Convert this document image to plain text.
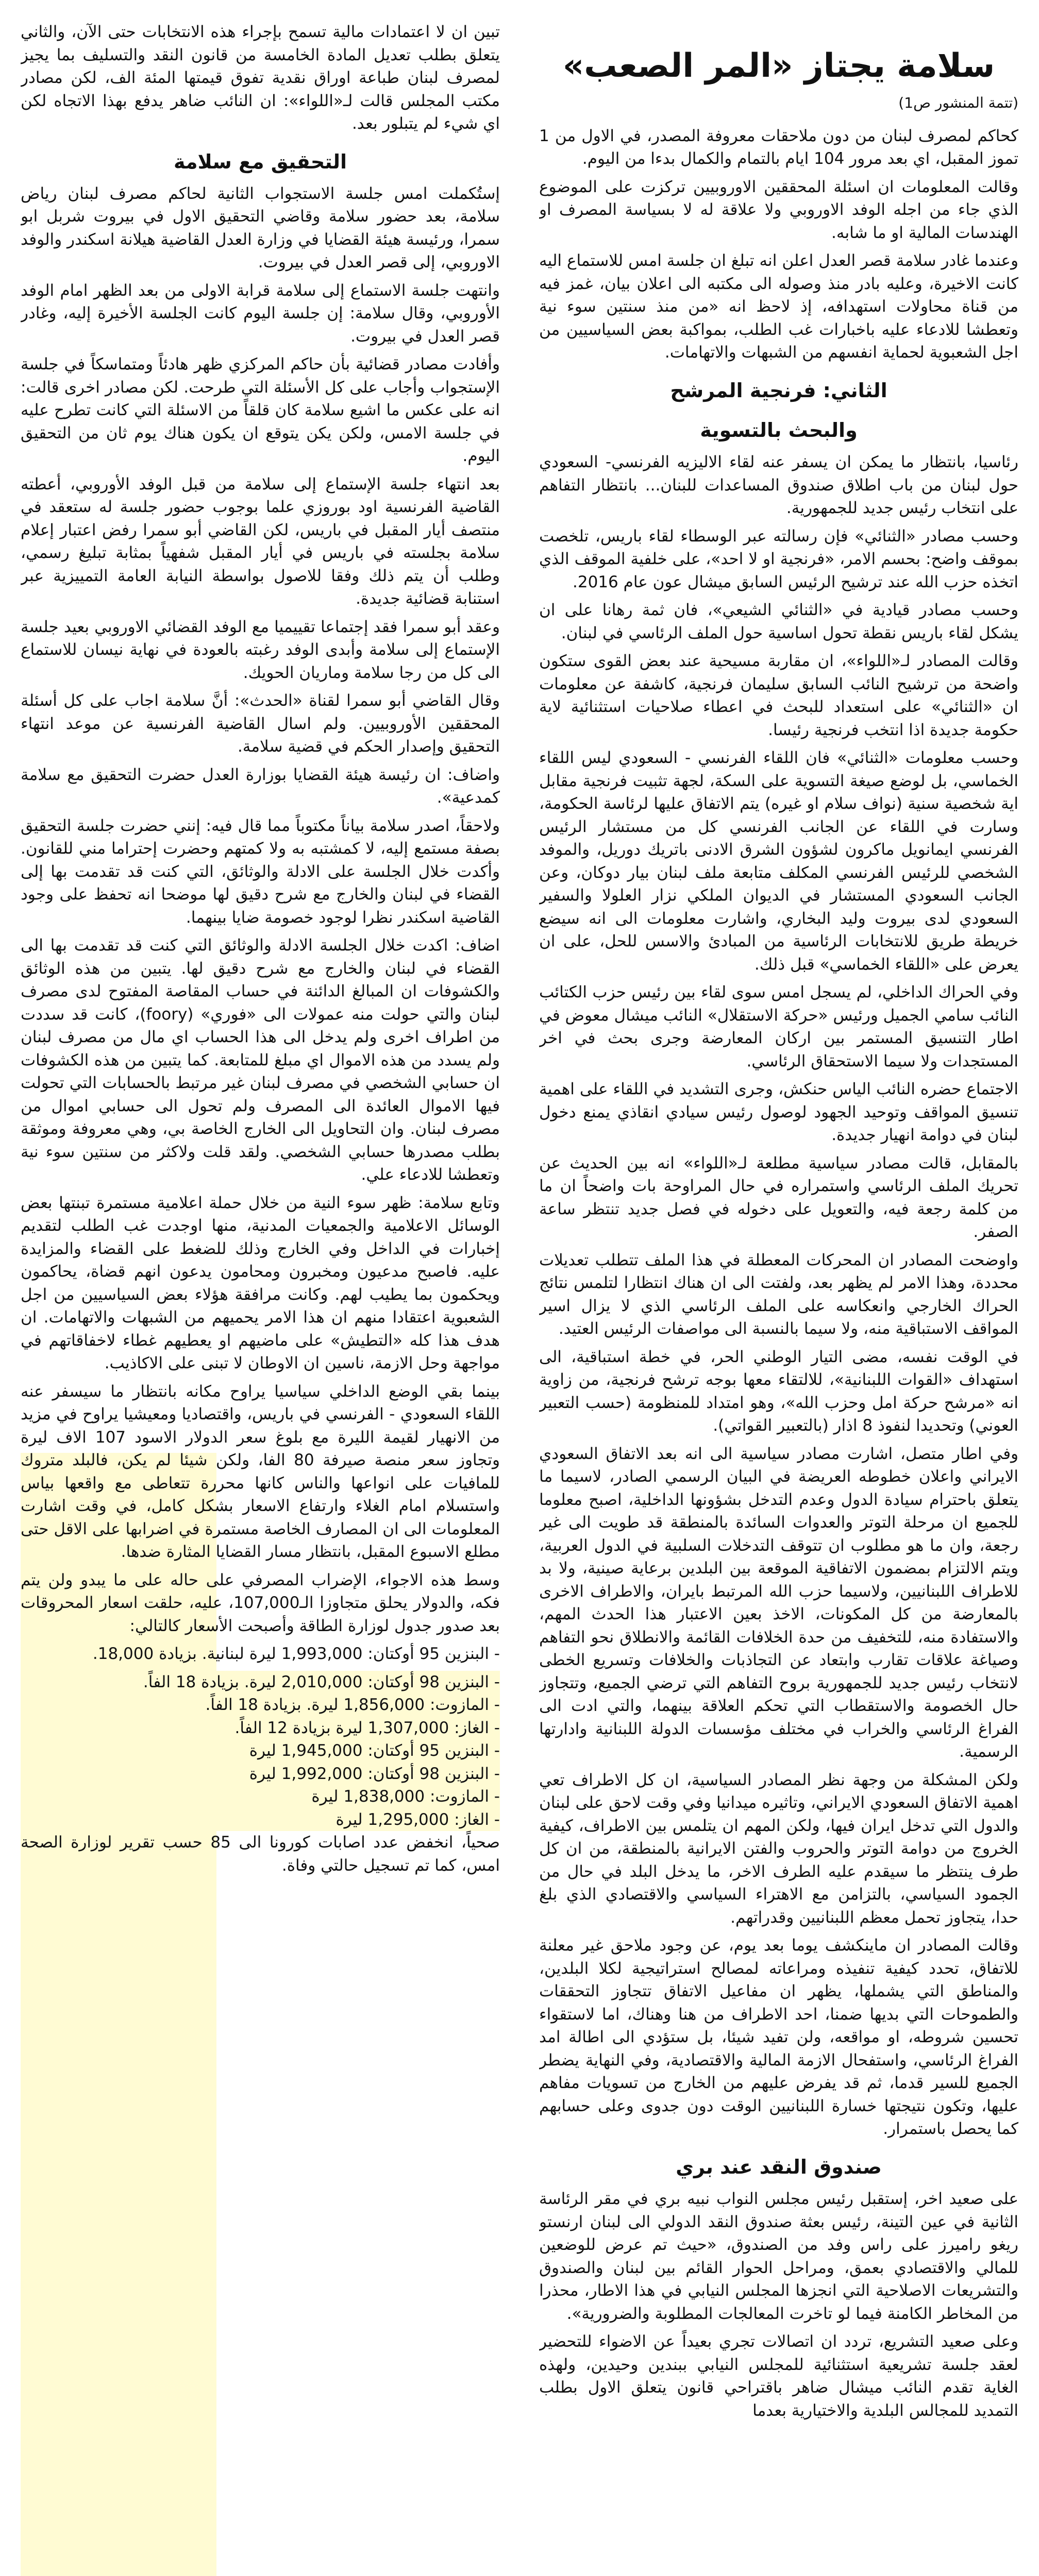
سلامة يجتاز «المر الصعب»
(تتمة المنشور ص1)

كحاكم لمصرف لبنان من دون ملاحقات معروفة المصدر، في الاول من 1 تموز المقبل، اي بعد مرور 104 ايام بالتمام والكمال بدءا من اليوم.

وقالت المعلومات ان اسئلة المحققين الاوروبيين تركزت على الموضوع الذي جاء من اجله الوفد الاوروبي ولا علاقة له لا بسياسة المصرف او الهندسات المالية او ما شابه.

وعندما غادر سلامة قصر العدل اعلن انه تبلغ ان جلسة امس للاستماع اليه كانت الاخيرة، وعليه بادر منذ وصوله الى مكتبه الى اعلان بيان، غمز فيه من قناة محاولات استهدافه، إذ لاحظ انه «من منذ سنتين سوء نية وتعطشا للادعاء عليه باخبارات غب الطلب، بمواكبة بعض السياسيين من اجل الشعبوية لحماية انفسهم من الشبهات والاتهامات.

الثاني: فرنجية المرشح
والبحث بالتسوية

رئاسيا، بانتظار ما يمكن ان يسفر عنه لقاء الاليزيه الفرنسي- السعودي حول لبنان من باب اطلاق صندوق المساعدات للبنان... بانتظار التفاهم على انتخاب رئيس جديد للجمهورية.

وحسب مصادر «الثنائي» فإن رسالته عبر الوسطاء لقاء باريس، تلخصت بموقف واضح: بحسم الامر، «فرنجية او لا احد»، على خلفية الموقف الذي اتخذه حزب الله عند ترشيح الرئيس السابق ميشال عون عام 2016.

وحسب مصادر قيادية في «الثنائي الشيعي»، فان ثمة رهانا على ان يشكل لقاء باريس نقطة تحول اساسية حول الملف الرئاسي في لبنان.

وقالت المصادر لـ«اللواء»، ان مقاربة مسيحية عند بعض القوى ستكون واضحة من ترشيح النائب السابق سليمان فرنجية، كاشفة عن معلومات ان «الثنائي» على استعداد للبحث في اعطاء صلاحيات استثنائية لاية حكومة جديدة اذا انتخب فرنجية رئيسا.

وحسب معلومات «الثنائي» فان اللقاء الفرنسي - السعودي ليس اللقاء الخماسي، بل لوضع صيغة التسوية على السكة، لجهة تثبيت فرنجية مقابل اية شخصية سنية (نواف سلام او غيره) يتم الاتفاق عليها لرئاسة الحكومة، وسارت في اللقاء عن الجانب الفرنسي كل من مستشار الرئيس الفرنسي ايمانويل ماكرون لشؤون الشرق الادنى باتريك دوريل، والموفد الشخصي للرئيس الفرنسي المكلف متابعة ملف لبنان بيار دوكان، وعن الجانب السعودي المستشار في الديوان الملكي نزار العلولا والسفير السعودي لدى بيروت وليد البخاري، واشارت معلومات الى انه سيضع خريطة طريق للانتخابات الرئاسية من المبادئ والاسس للحل، على ان يعرض على «اللقاء الخماسي» قبل ذلك.

وفي الحراك الداخلي، لم يسجل امس سوى لقاء بين رئيس حزب الكتائب النائب سامي الجميل ورئيس «حركة الاستقلال» النائب ميشال معوض في اطار التنسيق المستمر بين اركان المعارضة وجرى بحث في اخر المستجدات ولا سيما الاستحقاق الرئاسي.

الاجتماع حضره النائب الياس حنكش، وجرى التشديد في اللقاء على اهمية تنسيق المواقف وتوحيد الجهود لوصول رئيس سيادي انقاذي يمنع دخول لبنان في دوامة انهيار جديدة.

بالمقابل، قالت مصادر سياسية مطلعة لـ«اللواء» انه بين الحديث عن تحريك الملف الرئاسي واستمراره في حال المراوحة بات واضحاً ان ما من كلمة رجعة فيه، والتعويل على دخوله في فصل جديد تنتظر ساعة الصفر.

واوضحت المصادر ان المحركات المعطلة في هذا الملف تتطلب تعديلات محددة، وهذا الامر لم يظهر بعد، ولفتت الى ان هناك انتظارا لتلمس نتائج الحراك الخارجي وانعكاسه على الملف الرئاسي الذي لا يزال اسير المواقف الاستباقية منه، ولا سيما بالنسبة الى مواصفات الرئيس العتيد.

في الوقت نفسه، مضى التيار الوطني الحر، في خطة استباقية، الى استهداف «القوات اللبنانية»، للالتقاء معها بوجه ترشح فرنجية، من زاوية انه «مرشح حركة امل وحزب الله»، وهو امتداد للمنظومة (حسب التعبير العوني) وتحديدا لنفوذ 8 اذار (بالتعبير القواتي).

وفي اطار متصل، اشارت مصادر سياسية الى انه بعد الاتفاق السعودي الايراني واعلان خطوطه العريضة في البيان الرسمي الصادر، لاسيما ما يتعلق باحترام سيادة الدول وعدم التدخل بشؤونها الداخلية، اصبح معلوما للجميع ان مرحلة التوتر والعدوات السائدة بالمنطقة قد طويت الى غير رجعة، وان ما هو مطلوب ان تتوقف التدخلات السلبية في الدول العربية، ويتم الالتزام بمضمون الاتفاقية الموقعة بين البلدين برعاية صينية، ولا بد للاطراف اللبنانيين، ولاسيما حزب الله المرتبط بايران، والاطراف الاخرى بالمعارضة من كل المكونات، الاخذ بعين الاعتبار هذا الحدث المهم، والاستفادة منه، للتخفيف من حدة الخلافات القائمة والانطلاق نحو التفاهم وصياغة علاقات تقارب وابتعاد عن التجاذبات والخلافات وتسريع الخطى لانتخاب رئيس جديد للجمهورية بروح التفاهم التي ترضي الجميع، وتتجاوز حال الخصومة والاستقطاب التي تحكم العلاقة بينهما، والتي ادت الى الفراغ الرئاسي والخراب في مختلف مؤسسات الدولة اللبنانية وادارتها الرسمية.

ولكن المشكلة من وجهة نظر المصادر السياسية، ان كل الاطراف تعي اهمية الاتفاق السعودي الايراني، وتاثيره ميدانيا وفي وقت لاحق على لبنان والدول التي تدخل ايران فيها، ولكن المهم ان يتلمس بين الاطراف، كيفية الخروج من دوامة التوتر والحروب والفتن الايرانية بالمنطقة، من ان كل طرف ينتظر ما سيقدم عليه الطرف الاخر، ما يدخل البلد في حال من الجمود السياسي، بالتزامن مع الاهتراء السياسي والاقتصادي الذي بلغ حدا، يتجاوز تحمل معظم اللبنانيين وقدراتهم.

وقالت المصادر ان ماينكشف يوما بعد يوم، عن وجود ملاحق غير معلنة للاتفاق، تحدد كيفية تنفيذه ومراعاته لمصالح استراتيجية لكلا البلدين، والمناطق التي يشملها، يظهر ان مفاعيل الاتفاق تتجاوز التحققات والطموحات التي بديها ضمنا، احد الاطراف من هنا وهناك، اما لاستقواء تحسين شروطه، او مواقعه، ولن تفيد شيئا، بل ستؤدي الى اطالة امد الفراغ الرئاسي، واستفحال الازمة المالية والاقتصادية، وفي النهاية يضطر الجميع للسير قدما، ثم قد يفرض عليهم من الخارج من تسويات مفاهم عليها، وتكون نتيجتها خسارة اللبنانيين الوقت دون جدوى وعلى حسابهم كما يحصل باستمرار.

صندوق النقد عند بري

على صعيد اخر، إستقبل رئيس مجلس النواب نبيه بري في مقر الرئاسة الثانية في عين التينة، رئيس بعثة صندوق النقد الدولي الى لبنان ارنستو ريغو راميرز على راس وفد من الصندوق، «حيث تم عرض للوضعين للمالي والاقتصادي بعمق، ومراحل الحوار القائم بين لبنان والصندوق والتشريعات الاصلاحية التي انجزها المجلس النيابي في هذا الاطار، محذرا من المخاطر الكامنة فيما لو تاخرت المعالجات المطلوبة والضرورية».

وعلى صعيد التشريع، تردد ان اتصالات تجري بعيداً عن الاضواء للتحضير لعقد جلسة تشريعية استثنائية للمجلس النيابي ببندين وحيدين، ولهذه الغاية تقدم النائب ميشال ضاهر باقتراحي قانون يتعلق الاول بطلب التمديد للمجالس البلدية والاختيارية بعدما

تبين ان لا اعتمادات مالية تسمح بإجراء هذه الانتخابات حتى الآن، والثاني يتعلق بطلب تعديل المادة الخامسة من قانون النقد والتسليف بما يجيز لمصرف لبنان طباعة اوراق نقدية تفوق قيمتها المئة الف، لكن مصادر مكتب المجلس قالت لـ«اللواء»: ان النائب ضاهر يدفع بهذا الاتجاه لكن اي شيء لم يتبلور بعد.

التحقيق مع سلامة

إستُكملت امس جلسة الاستجواب الثانية لحاكم مصرف لبنان رياض سلامة، بعد حضور سلامة وقاضي التحقيق الاول في بيروت شربل ابو سمرا، ورئيسة هيئة القضايا في وزارة العدل القاضية هيلانة اسكندر والوفد الاوروبي، إلى قصر العدل في بيروت.

وانتهت جلسة الاستماع إلى سلامة قرابة الاولى من بعد الظهر امام الوفد الأوروبي، وقال سلامة: إن جلسة اليوم كانت الجلسة الأخيرة إليه، وغادر قصر العدل في بيروت.

وأفادت مصادر قضائية بأن حاكم المركزي ظهر هادئاً ومتماسكاً في جلسة الإستجواب وأجاب على كل الأسئلة التي طرحت. لكن مصادر اخرى قالت: انه على عكس ما اشيع سلامة كان قلقاً من الاسئلة التي كانت تطرح عليه في جلسة الامس، ولكن يكن يتوقع ان يكون هناك يوم ثان من التحقيق اليوم.

بعد انتهاء جلسة الإستماع إلى سلامة من قبل الوفد الأوروبي، أعطته القاضية الفرنسية اود بوروزي علما بوجوب حضور جلسة له ستعقد في منتصف أيار المقبل في باريس، لكن القاضي أبو سمرا رفض اعتبار إعلام سلامة بجلسته في باريس في أيار المقبل شفهياً بمثابة تبليغ رسمي، وطلب أن يتم ذلك وفقا للاصول بواسطة النيابة العامة التمييزية عبر استنابة قضائية جديدة.

وعقد أبو سمرا فقد إجتماعا تقييميا مع الوفد القضائي الاوروبي بعيد جلسة الإستماع إلى سلامة وأبدى الوفد رغبته بالعودة في نهاية نيسان للاستماع الى كل من رجا سلامة وماريان الحويك.

وقال القاضي أبو سمرا لقناة «الحدث»: أنَّ سلامة اجاب على كل أسئلة المحققين الأوروبيين. ولم اسال القاضية الفرنسية عن موعد انتهاء التحقيق وإصدار الحكم في قضية سلامة.

واضاف: ان رئيسة هيئة القضايا بوزارة العدل حضرت التحقيق مع سلامة كمدعية».

ولاحقاً، اصدر سلامة بياناً مكتوباً مما قال فيه: إنني حضرت جلسة التحقيق بصفة مستمع إليه، لا كمشتبه به ولا كمتهم وحضرت إحتراما مني للقانون. وأكدت خلال الجلسة على الادلة والوثائق، التي كنت قد تقدمت بها إلى القضاء في لبنان والخارج مع شرح دقيق لها موضحا انه تحفظ على وجود القاضية اسكندر نظرا لوجود خصومة ضايا بينهما.

اضاف: اكدت خلال الجلسة الادلة والوثائق التي كنت قد تقدمت بها الى القضاء في لبنان والخارج مع شرح دقيق لها. يتبين من هذه الوثائق والكشوفات ان المبالغ الدائنة في حساب المقاصة المفتوح لدى مصرف لبنان والتي حولت منه عمولات الى «فوري» (foory)، كانت قد سددت من اطراف اخرى ولم يدخل الى هذا الحساب اي مال من مصرف لبنان ولم يسدد من هذه الاموال اي مبلغ للمتابعة. كما يتبين من هذه الكشوفات ان حسابي الشخصي في مصرف لبنان غير مرتبط بالحسابات التي تحولت فيها الاموال العائدة الى المصرف ولم تحول الى حسابي اموال من مصرف لبنان. وان التحاويل الى الخارج الخاصة بي، وهي معروفة وموثقة بطلب مصدرها حسابي الشخصي. ولقد قلت ولاكثر من سنتين سوء نية وتعطشا للادعاء علي.

وتابع سلامة: ظهر سوء النية من خلال حملة اعلامية مستمرة تبنتها بعض الوسائل الاعلامية والجمعيات المدنية، منها اوجدت غب الطلب لتقديم إخبارات في الداخل وفي الخارج وذلك للضغط على القضاء والمزايدة عليه. فاصبح مدعيون ومخبرون ومحامون يدعون انهم قضاة، يحاكمون ويحكمون بما يطيب لهم. وكانت مرافقة هؤلاء بعض السياسيين من اجل الشعبوية اعتقادا منهم ان هذا الامر يحميهم من الشبهات والاتهامات. ان هدف هذا كله «التطيش» على ماضيهم او يعطيهم غطاء لاخفاقاتهم في مواجهة وحل الازمة، ناسين ان الاوطان لا تبنى على الاكاذيب.

بينما بقي الوضع الداخلي سياسيا يراوح مكانه بانتظار ما سيسفر عنه اللقاء السعودي - الفرنسي في باريس، واقتصاديا ومعيشيا يراوح في مزيد من الانهيار لقيمة الليرة مع بلوغ سعر الدولار الاسود 107 الاف ليرة وتجاوز سعر منصة صيرفة 80 الفا، ولكن شيئا لم يكن، فالبلد متروك للمافيات على انواعها والناس كانها محررة تتعاطى مع واقعها بياس واستسلام امام الغلاء وارتفاع الاسعار بشكل كامل، في وقت اشارت المعلومات الى ان المصارف الخاصة مستمرة في اضرابها على الاقل حتى مطلع الاسبوع المقبل، بانتظار مسار القضايا المثارة ضدها.

وسط هذه الاجواء، الإضراب المصرفي على حاله على ما يبدو ولن يتم فكه، والدولار يحلق متجاوزا الـ107,000، عليه، حلقت اسعار المحروقات بعد صدور جدول لوزارة الطاقة وأصبحت الأسعار كالتالي:

- البنزين 95 أوكتان: 1,993,000 ليرة لبنانية. بزيادة 18,000.

- البنزين 98 أوكتان: 2,010,000 ليرة. بزيادة 18 الفاً.

- المازوت: 1,856,000 ليرة. بزيادة 18 الفاً.

- الغاز: 1,307,000 ليرة بزيادة 12 الفاً.

- البنزين 95 أوكتان: 1,945,000 ليرة

- البنزين 98 أوكتان: 1,992,000 ليرة

- المازوت: 1,838,000 ليرة

- الغاز: 1,295,000 ليرة

صحياً، انخفض عدد اصابات كورونا الى 85 حسب تقرير لوزارة الصحة امس، كما تم تسجيل حالتي وفاة.
